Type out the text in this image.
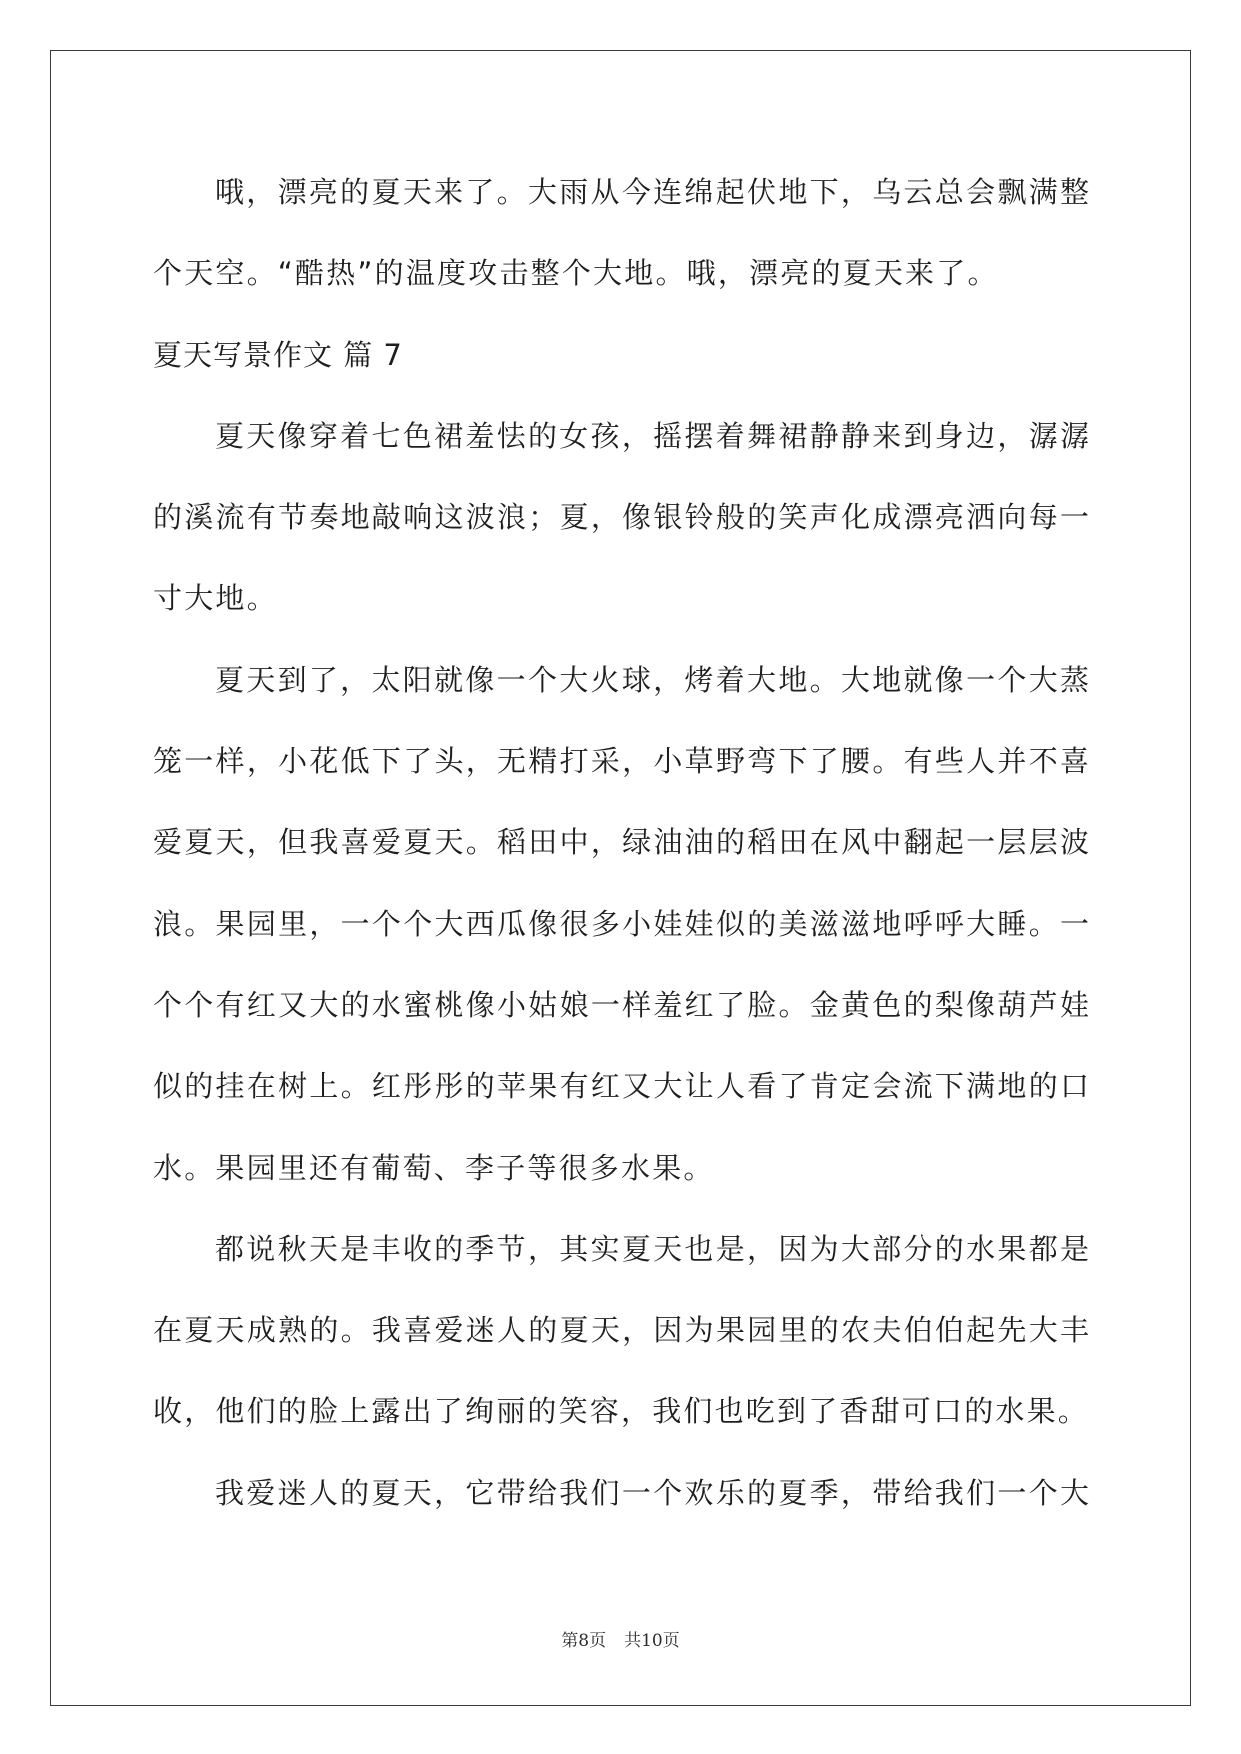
哦，漂亮的夏天来了。大雨从今连绵起伏地下，乌云总会飘满整
个天空。“酷热”的温度攻击整个大地。哦，漂亮的夏天来了。
夏天写景作文 篇 7
夏天像穿着七色裙羞怯的女孩，摇摆着舞裙静静来到身边，潺潺
的溪流有节奏地敲响这波浪；夏，像银铃般的笑声化成漂亮洒向每一
寸大地。
夏天到了，太阳就像一个大火球，烤着大地。大地就像一个大蒸
笼一样，小花低下了头，无精打采，小草野弯下了腰。有些人并不喜
爱夏天，但我喜爱夏天。稻田中，绿油油的稻田在风中翻起一层层波
浪。果园里，一个个大西瓜像很多小娃娃似的美滋滋地呼呼大睡。一
个个有红又大的水蜜桃像小姑娘一样羞红了脸。金黄色的梨像葫芦娃
似的挂在树上。红彤彤的苹果有红又大让人看了肯定会流下满地的口
水。果园里还有葡萄、李子等很多水果。
都说秋天是丰收的季节，其实夏天也是，因为大部分的水果都是
在夏天成熟的。我喜爱迷人的夏天，因为果园里的农夫伯伯起先大丰
收，他们的脸上露出了绚丽的笑容，我们也吃到了香甜可口的水果。
我爱迷人的夏天，它带给我们一个欢乐的夏季，带给我们一个大
第8页 共10页
